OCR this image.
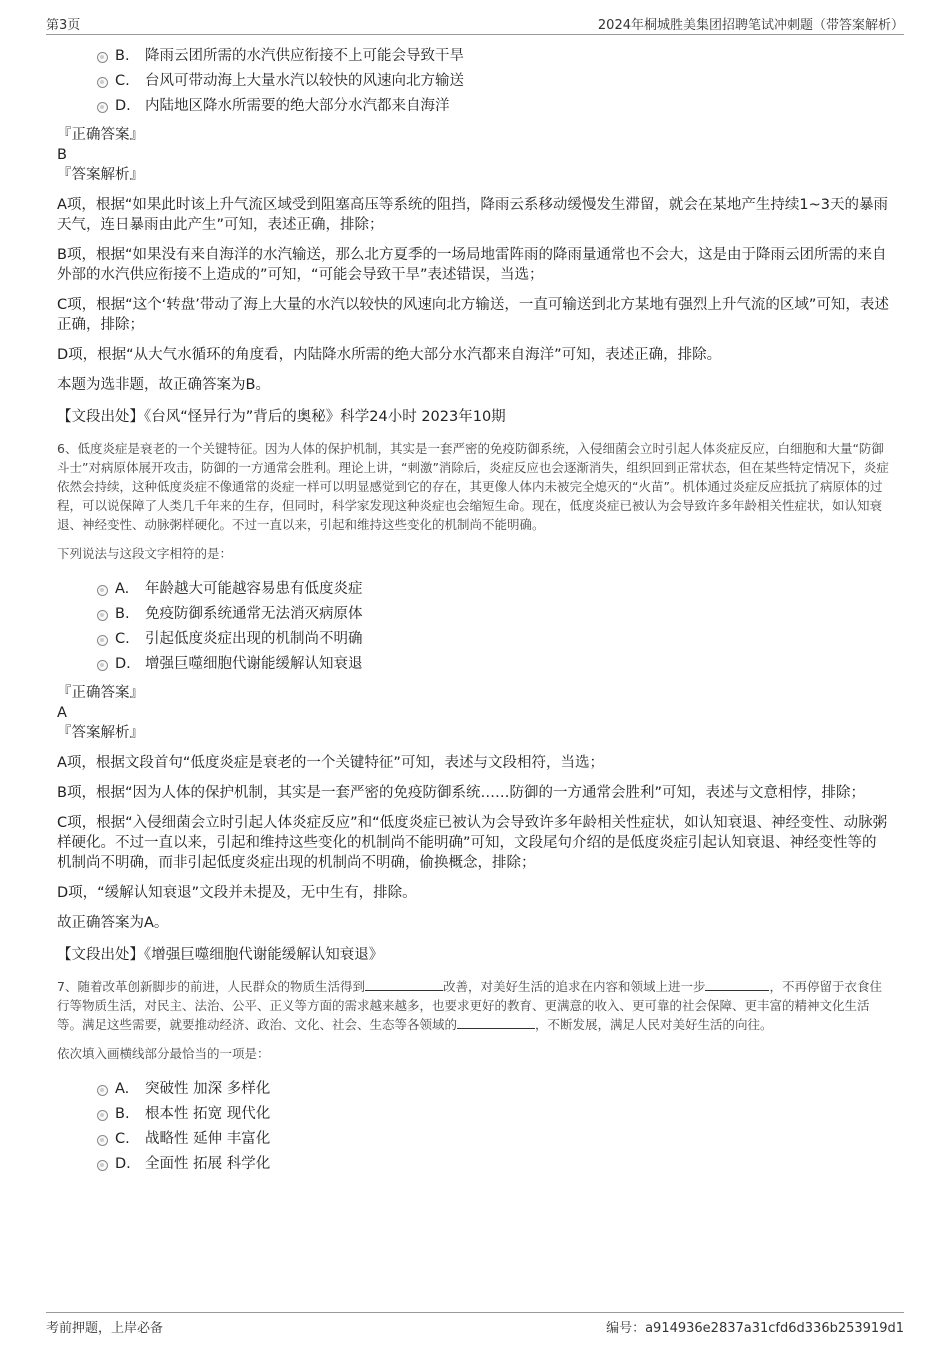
第3页	2024年桐城胜美集团招聘笔试冲刺题（带答案解析）
B. 降雨云团所需的水汽供应衔接不上可能会导致干旱
C. 台风可带动海上大量水汽以较快的风速向北方输送
D. 内陆地区降水所需要的绝大部分水汽都来自海洋
『正确答案』
B
『答案解析』

A项，根据“如果此时该上升气流区域受到阻塞高压等系统的阻挡，降雨云系移动缓慢发生滞留，就会在某地产生持续1~3天的暴雨天气，连日暴雨由此产生”可知，表述正确，排除；

B项，根据“如果没有来自海洋的水汽输送，那么北方夏季的一场局地雷阵雨的降雨量通常也不会大，这是由于降雨云团所需的来自外部的水汽供应衔接不上造成的”可知，“可能会导致干旱”表述错误，当选；

C项，根据“这个‘转盘’带动了海上大量的水汽以较快的风速向北方输送，一直可输送到北方某地有强烈上升气流的区域”可知，表述正确，排除；

D项，根据“从大气水循环的角度看，内陆降水所需的绝大部分水汽都来自海洋”可知，表述正确，排除。

本题为选非题，故正确答案为B。

【文段出处】《台风“怪异行为”背后的奥秘》科学24小时 2023年10期

6、低度炎症是衰老的一个关键特征。因为人体的保护机制，其实是一套严密的免疫防御系统，入侵细菌会立时引起人体炎症反应，白细胞和大量“防御斗士”对病原体展开攻击，防御的一方通常会胜利。理论上讲，“刺激”消除后，炎症反应也会逐渐消失，组织回到正常状态，但在某些特定情况下，炎症依然会持续，这种低度炎症不像通常的炎症一样可以明显感觉到它的存在，其更像人体内未被完全熄灭的“火苗”。机体通过炎症反应抵抗了病原体的过程，可以说保障了人类几千年来的生存，但同时，科学家发现这种炎症也会缩短生命。现在，低度炎症已被认为会导致许多年龄相关性症状，如认知衰退、神经变性、动脉粥样硬化。不过一直以来，引起和维持这些变化的机制尚不能明确。

下列说法与这段文字相符的是：

A. 年龄越大可能越容易患有低度炎症
B. 免疫防御系统通常无法消灭病原体
C. 引起低度炎症出现的机制尚不明确
D. 增强巨噬细胞代谢能缓解认知衰退
『正确答案』
A
『答案解析』

A项，根据文段首句“低度炎症是衰老的一个关键特征”可知，表述与文段相符，当选；

B项，根据“因为人体的保护机制，其实是一套严密的免疫防御系统……防御的一方通常会胜利”可知，表述与文意相悖，排除；

C项，根据“入侵细菌会立时引起人体炎症反应”和“低度炎症已被认为会导致许多年龄相关性症状，如认知衰退、神经变性、动脉粥样硬化。不过一直以来，引起和维持这些变化的机制尚不能明确”可知，文段尾句介绍的是低度炎症引起认知衰退、神经变性等的机制尚不明确，而非引起低度炎症出现的机制尚不明确，偷换概念，排除；

D项，“缓解认知衰退”文段并未提及，无中生有，排除。

故正确答案为A。

【文段出处】《增强巨噬细胞代谢能缓解认知衰退》

7、随着改革创新脚步的前进，人民群众的物质生活得到	改善，对美好生活的追求在内容和领域上进一步	，不再停留于衣食住行等物质生活，对民主、法治、公平、正义等方面的需求越来越多，也要求更好的教育、更满意的收入、更可靠的社会保障、更丰富的精神文化生活等。满足这些需要，就要推动经济、政治、文化、社会、生态等各领域的	，不断发展，满足人民对美好生活的向往。

依次填入画横线部分最恰当的一项是：

A. 突破性 加深 多样化
B. 根本性 拓宽 现代化
C. 战略性 延伸 丰富化
D. 全面性 拓展 科学化
考前押题，上岸必备	编号：a914936e2837a31cfd6d336b253919d1
